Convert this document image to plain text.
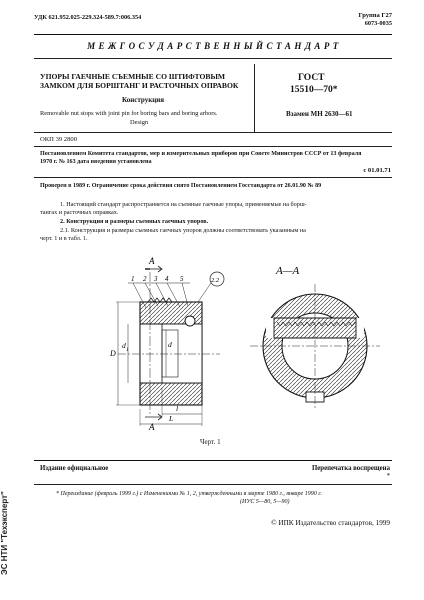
УДК 621.952.025-229.324-589.7:006.354	Группа Г27
6073-0035
М Е Ж Г О С У Д А Р С Т В Е Н Н Ы Й С Т А Н Д А Р Т
УПОРЫ ГАЕЧНЫЕ СЪЕМНЫЕ СО ШТИФТОВЫМ
ЗАМКОМ ДЛЯ БОРШТАНГ И РАСТОЧНЫХ ОПРАВОК
Конструкция
Removable nut stops with joint pin for boring bars and boring arbors.
Design
ГОСТ
15510—70*
Взамен МН 2630—61
ОКП 39 2800
Постановлением Комитета стандартов, мер и измерительных приборов при Совете Министров СССР от 13 февраля
1970 г. № 163 дата введения установлена
с 01.01.71
Проверен в 1989 г. Ограничение срока действия снято Постановлением Госстандарта от 26.01.90 № 89
1. Настоящий стандарт распространяется на съемные гаечные упоры, применяемые на борш-
тангах и расточных оправках.
2. Конструкция и размеры съемных гаечных упоров.
2.1. Конструкция и размеры съемных гаечных упоров должны соответствовать указанным на
черт. 1 и в табл. 1.
А
А
1 2 3 4 5	2.2
D
d
1
d
l
L
А—А
Черт. 1
Издание официальное	Перепечатка воспрещена
*
* Переиздание (февраль 1999 г.) с Изменениями № 1, 2, утвержденными в марте 1980 г., январе 1990 г.
(ИУС 5—80, 5—90)
© ИПК Издательство стандартов, 1999
ЭС НТИ "Техэксперт"
